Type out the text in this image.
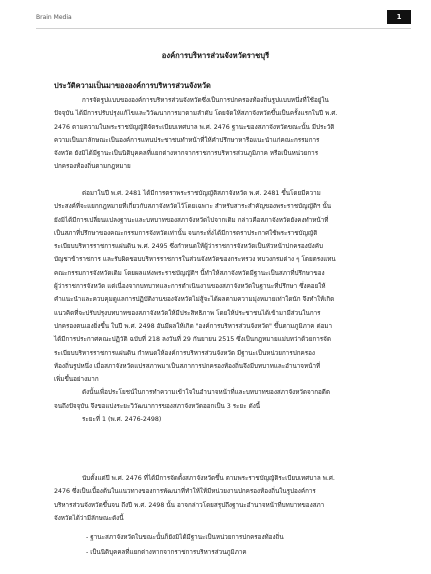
Brain Media	1
องค์การบริหารส่วนจังหวัดราชบุรี
ประวัติความเป็นมาขององค์การบริหารส่วนจังหวัด
การจัดรูปแบบขององค์การบริหารส่วนจังหวัดซึ่งเป็นการปกครองท้องถิ่นรูปแบบหนึ่งที่ใช้อยู่ใน
ปัจจุบัน ได้มีการปรับปรุงแก้ไขและวิวัฒนาการมาตามลำดับ โดยจัดให้สภาจังหวัดขึ้นเป็นครั้งแรกในปี พ.ศ.
2476 ตามความในพระราชบัญญัติจัดระเบียบเทศบาล พ.ศ. 2476 ฐานะของสภาจังหวัดขณะนั้น มีประวัติ
ความเป็นมาลักษณะเป็นองค์การแทนประชาชนทำหน้าที่ให้คำปรึกษาหารือแนะนำแก่คณะกรรมการ
จังหวัด ยังมิได้มีฐานะเป็นนิติบุคคลที่แยกต่างหากจากราชการบริหารส่วนภูมิภาค หรือเป็นหน่วยการ
ปกครองท้องถิ่นตามกฎหมาย
ต่อมาในปี พ.ศ. 2481 ได้มีการตราพระราชบัญญัติสภาจังหวัด พ.ศ. 2481 ขึ้นโดยมีความ
ประสงค์ที่จะแยกกฎหมายที่เกี่ยวกับสภาจังหวัดไว้โดยเฉพาะ สำหรับสาระสำคัญของพระราชบัญญัติฯ นั้น
ยังมิได้มีการเปลี่ยนแปลงฐานะและบทบาทของสภาจังหวัดไปจากเดิม กล่าวคือสภาจังหวัดยังคงทำหน้าที่
เป็นสภาที่ปรึกษาของคณะกรรมการจังหวัดเท่านั้น จนกระทั่งได้มีการตราประกาศใช้พระราชบัญญัติ
ระเบียบบริหารราชการแผ่นดิน พ.ศ. 2495 ซึ่งกำหนดให้ผู้ว่าราชการจังหวัดเป็นหัวหน้าปกครองบังคับ
บัญชาข้าราชการ และรับผิดชอบบริหารราชการในส่วนจังหวัดของกระทรวง ทบวงกรมต่าง ๆ โดยตรงแทน
คณะกรรมการจังหวัดเดิม โดยผลแห่งพระราชบัญญัติฯ นี้ทำให้สภาจังหวัดมีฐานะเป็นสภาที่ปรึกษาของ
ผู้ว่าราชการจังหวัด แต่เนื่องจากบทบาทและการดำเนินงานของสภาจังหวัดในฐานะที่ปรึกษา ซึ่งคอยให้
คำแนะนำและควบคุมดูแลการปฏิบัติงานของจังหวัดไม่สู้จะได้ผลตามความมุ่งหมายเท่าใดนัก จึงทำให้เกิด
แนวคิดที่จะปรับปรุงบทบาทของสภาจังหวัดให้มีประสิทธิภาพ โดยให้ประชาชนได้เข้ามามีส่วนในการ
ปกครองตนเองยิ่งขึ้น ในปี พ.ศ. 2498 อันมีผลให้เกิด "องค์การบริหารส่วนจังหวัด" ขึ้นตามภูมิภาค ต่อมา
ได้มีการประกาศคณะปฏิวัติ ฉบับที่ 218 ลงวันที่ 29 กันยายน 2515 ซึ่งเป็นกฎหมายแม่บทว่าด้วยการจัด
ระเบียบบริหารราชการแผ่นดิน กำหนดให้องค์การบริหารส่วนจังหวัด มีฐานะเป็นหน่วยการปกครอง
ท้องถิ่นรูปหนึ่ง เมื่อสภาจังหวัดแปรสภาพมาเป็นสภาการปกครองท้องถิ่นจึงมีบทบาทและอำนาจหน้าที่
เพิ่มขึ้นอย่างมาก
ดังนั้นเพื่อประโยชน์ในการทำความเข้าใจในอำนาจหน้าที่และบทบาทของสภาจังหวัดจากอดีต
จนถึงปัจจุบัน จึงขอแบ่งระยะวิวัฒนาการของสภาจังหวัดออกเป็น 3 ระยะ ดังนี้
ระยะที่ 1 (พ.ศ. 2476-2498)
นับตั้งแต่ปี พ.ศ. 2476 ที่ได้มีการจัดตั้งสภาจังหวัดขึ้น ตามพระราชบัญญัติระเบียบเทศบาล พ.ศ.
2476 ซึ่งเป็นเบื้องต้นในแนวทางของการพัฒนาที่ทำให้ให้มีหน่วยงานปกครองท้องถิ่นในรูปองค์การ
บริหารส่วนจังหวัดขึ้นจน ถึงปี พ.ศ. 2498 นั้น อาจกล่าวโดยสรุปถึงฐานะอำนาจหน้าที่บทบาทของสภา
จังหวัดได้ว่ามีลักษณะดังนี้
- ฐานะสภาจังหวัดในขณะนั้นก็ยังมิได้มีฐานะเป็นหน่วยการปกครองท้องถิ่น
- เป็นนิติบุคคลที่แยกต่างหากจากราชการบริหารส่วนภูมิภาค
